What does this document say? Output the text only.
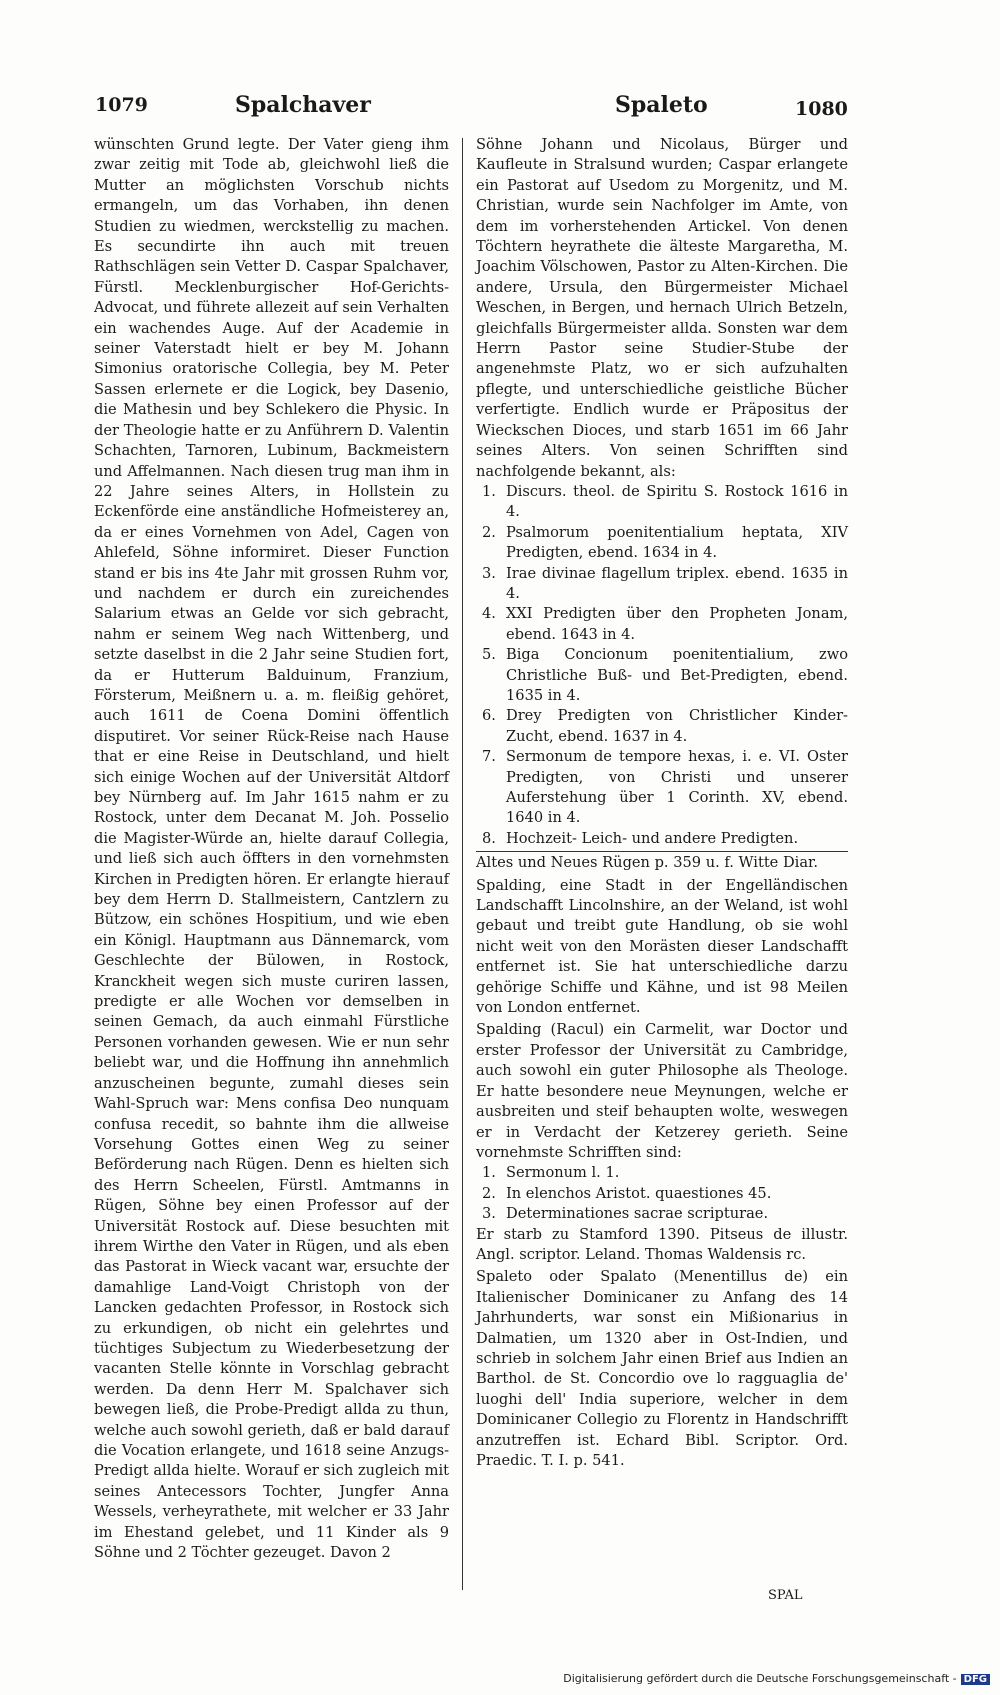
1079	Spalchaver	Spaleto	1080

wünschten Grund legte. Der Vater gieng ihm zwar zeitig mit Tode ab, gleichwohl ließ die Mutter an möglichsten Vorschub nichts ermangeln, um das Vorhaben, ihn denen Studien zu wiedmen, werckstellig zu machen. Es secundirte ihn auch mit treuen Rathschlägen sein Vetter D. Caspar Spalchaver, Fürstl. Mecklenburgischer Hof-Gerichts-Advocat, und führete allezeit auf sein Verhalten ein wachendes Auge. Auf der Academie in seiner Vaterstadt hielt er bey M. Johann Simonius oratorische Collegia, bey M. Peter Sassen erlernete er die Logick, bey Dasenio, die Mathesin und bey Schlekero die Physic. In der Theologie hatte er zu Anführern D. Valentin Schachten, Tarnoren, Lubinum, Backmeistern und Affelmannen. Nach diesen trug man ihm in 22 Jahre seines Alters, in Hollstein zu Eckenförde eine anständliche Hofmeisterey an, da er eines Vornehmen von Adel, Cagen von Ahlefeld, Söhne informiret. Dieser Function stand er bis ins 4te Jahr mit grossen Ruhm vor, und nachdem er durch ein zureichendes Salarium etwas an Gelde vor sich gebracht, nahm er seinem Weg nach Wittenberg, und setzte daselbst in die 2 Jahr seine Studien fort, da er Hutterum Balduinum, Franzium, Försterum, Meißnern u. a. m. fleißig gehöret, auch 1611 de Coena Domini öffentlich disputiret. Vor seiner Rück-Reise nach Hause that er eine Reise in Deutschland, und hielt sich einige Wochen auf der Universität Altdorf bey Nürnberg auf. Im Jahr 1615 nahm er zu Rostock, unter dem Decanat M. Joh. Posselio die Magister-Würde an, hielte darauf Collegia, und ließ sich auch öffters in den vornehmsten Kirchen in Predigten hören. Er erlangte hierauf bey dem Herrn D. Stallmeistern, Cantzlern zu Bützow, ein schönes Hospitium, und wie eben ein Königl. Hauptmann aus Dännemarck, vom Geschlechte der Bülowen, in Rostock, Kranckheit wegen sich muste curiren lassen, predigte er alle Wochen vor demselben in seinen Gemach, da auch einmahl Fürstliche Personen vorhanden gewesen. Wie er nun sehr beliebt war, und die Hoffnung ihn annehmlich anzuscheinen begunte, zumahl dieses sein Wahl-Spruch war: Mens confisa Deo nunquam confusa recedit, so bahnte ihm die allweise Vorsehung Gottes einen Weg zu seiner Beförderung nach Rügen. Denn es hielten sich des Herrn Scheelen, Fürstl. Amtmanns in Rügen, Söhne bey einen Professor auf der Universität Rostock auf. Diese besuchten mit ihrem Wirthe den Vater in Rügen, und als eben das Pastorat in Wieck vacant war, ersuchte der damahlige Land-Voigt Christoph von der Lancken gedachten Professor, in Rostock sich zu erkundigen, ob nicht ein gelehrtes und tüchtiges Subjectum zu Wiederbesetzung der vacanten Stelle könnte in Vorschlag gebracht werden. Da denn Herr M. Spalchaver sich bewegen ließ, die Probe-Predigt allda zu thun, welche auch sowohl gerieth, daß er bald darauf die Vocation erlangete, und 1618 seine Anzugs-Predigt allda hielte. Worauf er sich zugleich mit seines Antecessors Tochter, Jungfer Anna Wessels, verheyrathete, mit welcher er 33 Jahr im Ehestand gelebet, und 11 Kinder als 9 Söhne und 2 Töchter gezeuget. Davon 2

Söhne Johann und Nicolaus, Bürger und Kaufleute in Stralsund wurden; Caspar erlangete ein Pastorat auf Usedom zu Morgenitz, und M. Christian, wurde sein Nachfolger im Amte, von dem im vorherstehenden Artickel. Von denen Töchtern heyrathete die älteste Margaretha, M. Joachim Völschowen, Pastor zu Alten-Kirchen. Die andere, Ursula, den Bürgermeister Michael Weschen, in Bergen, und hernach Ulrich Betzeln, gleichfalls Bürgermeister allda. Sonsten war dem Herrn Pastor seine Studier-Stube der angenehmste Platz, wo er sich aufzuhalten pflegte, und unterschiedliche geistliche Bücher verfertigte. Endlich wurde er Präpositus der Wieckschen Dioces, und starb 1651 im 66 Jahr seines Alters. Von seinen Schrifften sind nachfolgende bekannt, als:

1. Discurs. theol. de Spiritu S. Rostock 1616 in 4.
2. Psalmorum poenitentialium heptata, XIV Predigten, ebend. 1634 in 4.
3. Irae divinae flagellum triplex. ebend. 1635 in 4.
4. XXI Predigten über den Propheten Jonam, ebend. 1643 in 4.
5. Biga Concionum poenitentialium, zwo Christliche Buß- und Bet-Predigten, ebend. 1635 in 4.
6. Drey Predigten von Christlicher Kinder-Zucht, ebend. 1637 in 4.
7. Sermonum de tempore hexas, i. e. VI. Oster Predigten, von Christi und unserer Auferstehung über 1 Corinth. XV, ebend. 1640 in 4.
8. Hochzeit- Leich- und andere Predigten.

Altes und Neues Rügen p. 359 u. f. Witte Diar.

Spalding, eine Stadt in der Engelländischen Landschafft Lincolnshire, an der Weland, ist wohl gebaut und treibt gute Handlung, ob sie wohl nicht weit von den Morästen dieser Landschafft entfernet ist. Sie hat unterschiedliche darzu gehörige Schiffe und Kähne, und ist 98 Meilen von London entfernet.

Spalding (Racul) ein Carmelit, war Doctor und erster Professor der Universität zu Cambridge, auch sowohl ein guter Philosophe als Theologe. Er hatte besondere neue Meynungen, welche er ausbreiten und steif behaupten wolte, weswegen er in Verdacht der Ketzerey gerieth. Seine vornehmste Schrifften sind:

1. Sermonum l. 1.
2. In elenchos Aristot. quaestiones 45.
3. Determinationes sacrae scripturae.

Er starb zu Stamford 1390. Pitseus de illustr. Angl. scriptor. Leland. Thomas Waldensis rc.

Spaleto oder Spalato (Menentillus de) ein Italienischer Dominicaner zu Anfang des 14 Jahrhunderts, war sonst ein Mißionarius in Dalmatien, um 1320 aber in Ost-Indien, und schrieb in solchem Jahr einen Brief aus Indien an Barthol. de St. Concordio ove lo ragguaglia de' luoghi dell' India superiore, welcher in dem Dominicaner Collegio zu Florentz in Handschrifft anzutreffen ist. Echard Bibl. Scriptor. Ord. Praedic. T. I. p. 541.

SPAL
Digitalisierung gefördert durch die Deutsche Forschungsgemeinschaft - DFG
